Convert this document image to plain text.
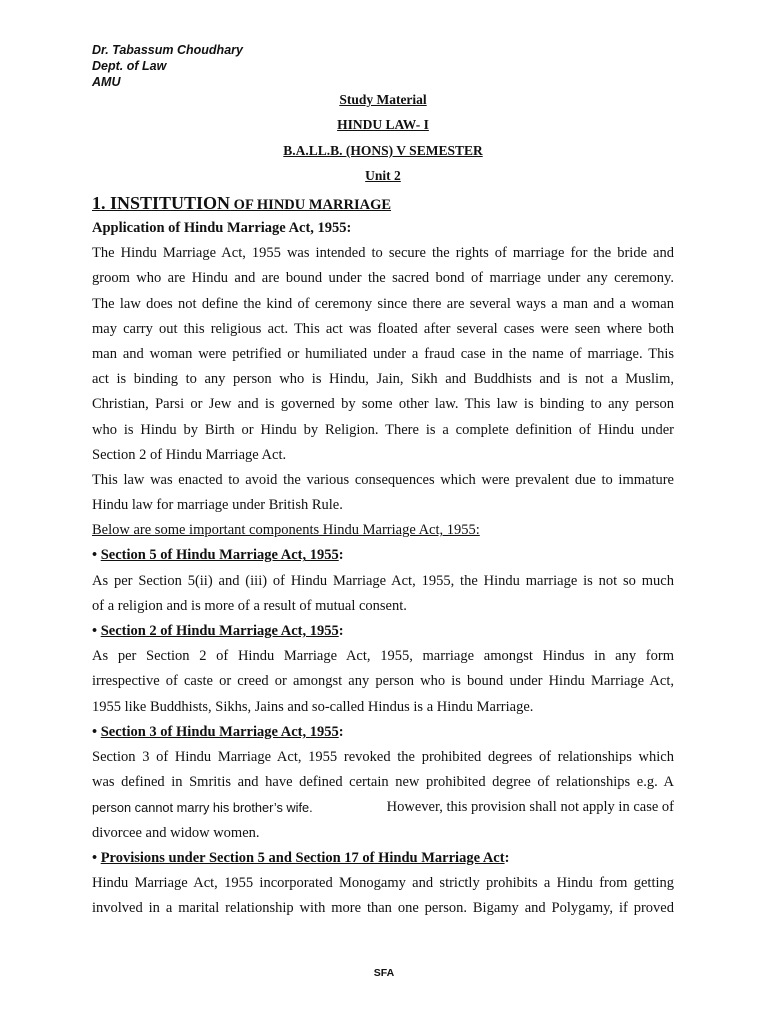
Dr. Tabassum Choudhary
Dept. of Law
AMU
Study Material
HINDU LAW- I
B.A.LL.B. (HONS) V SEMESTER
Unit 2
1. INSTITUTION OF HINDU MARRIAGE
Application of Hindu Marriage Act, 1955:
The Hindu Marriage Act, 1955 was intended to secure the rights of marriage for the bride and
groom who are Hindu and are bound under the sacred bond of marriage under any ceremony.
The law does not define the kind of ceremony since there are several ways a man and a woman
may carry out this religious act. This act was floated after several cases were seen where both
man and woman were petrified or humiliated under a fraud case in the name of marriage. This
act is binding to any person who is Hindu, Jain, Sikh and Buddhists and is not a Muslim,
Christian, Parsi or Jew and is governed by some other law. This law is binding to any person
who is Hindu by Birth or Hindu by Religion. There is a complete definition of Hindu under
Section 2 of Hindu Marriage Act.
This law was enacted to avoid the various consequences which were prevalent due to immature
Hindu law for marriage under British Rule.
Below are some important components Hindu Marriage Act, 1955:
• Section 5 of Hindu Marriage Act, 1955:
As per Section 5(ii) and (iii) of Hindu Marriage Act, 1955, the Hindu marriage is not so much
of a religion and is more of a result of mutual consent.
• Section 2 of Hindu Marriage Act, 1955:
As per Section 2 of Hindu Marriage Act, 1955, marriage amongst Hindus in any form
irrespective of caste or creed or amongst any person who is bound under Hindu Marriage Act,
1955 like Buddhists, Sikhs, Jains and so-called Hindus is a Hindu Marriage.
• Section 3 of Hindu Marriage Act, 1955:
Section 3 of Hindu Marriage Act, 1955 revoked the prohibited degrees of relationships which
was defined in Smritis and have defined certain new prohibited degree of relationships e.g. A
person cannot marry his brother’s wife.	However, this provision shall not apply in case of
divorcee and widow women.
• Provisions under Section 5 and Section 17 of Hindu Marriage Act:
Hindu Marriage Act, 1955 incorporated Monogamy and strictly prohibits a Hindu from getting
involved in a marital relationship with more than one person. Bigamy and Polygamy, if proved
SFA
